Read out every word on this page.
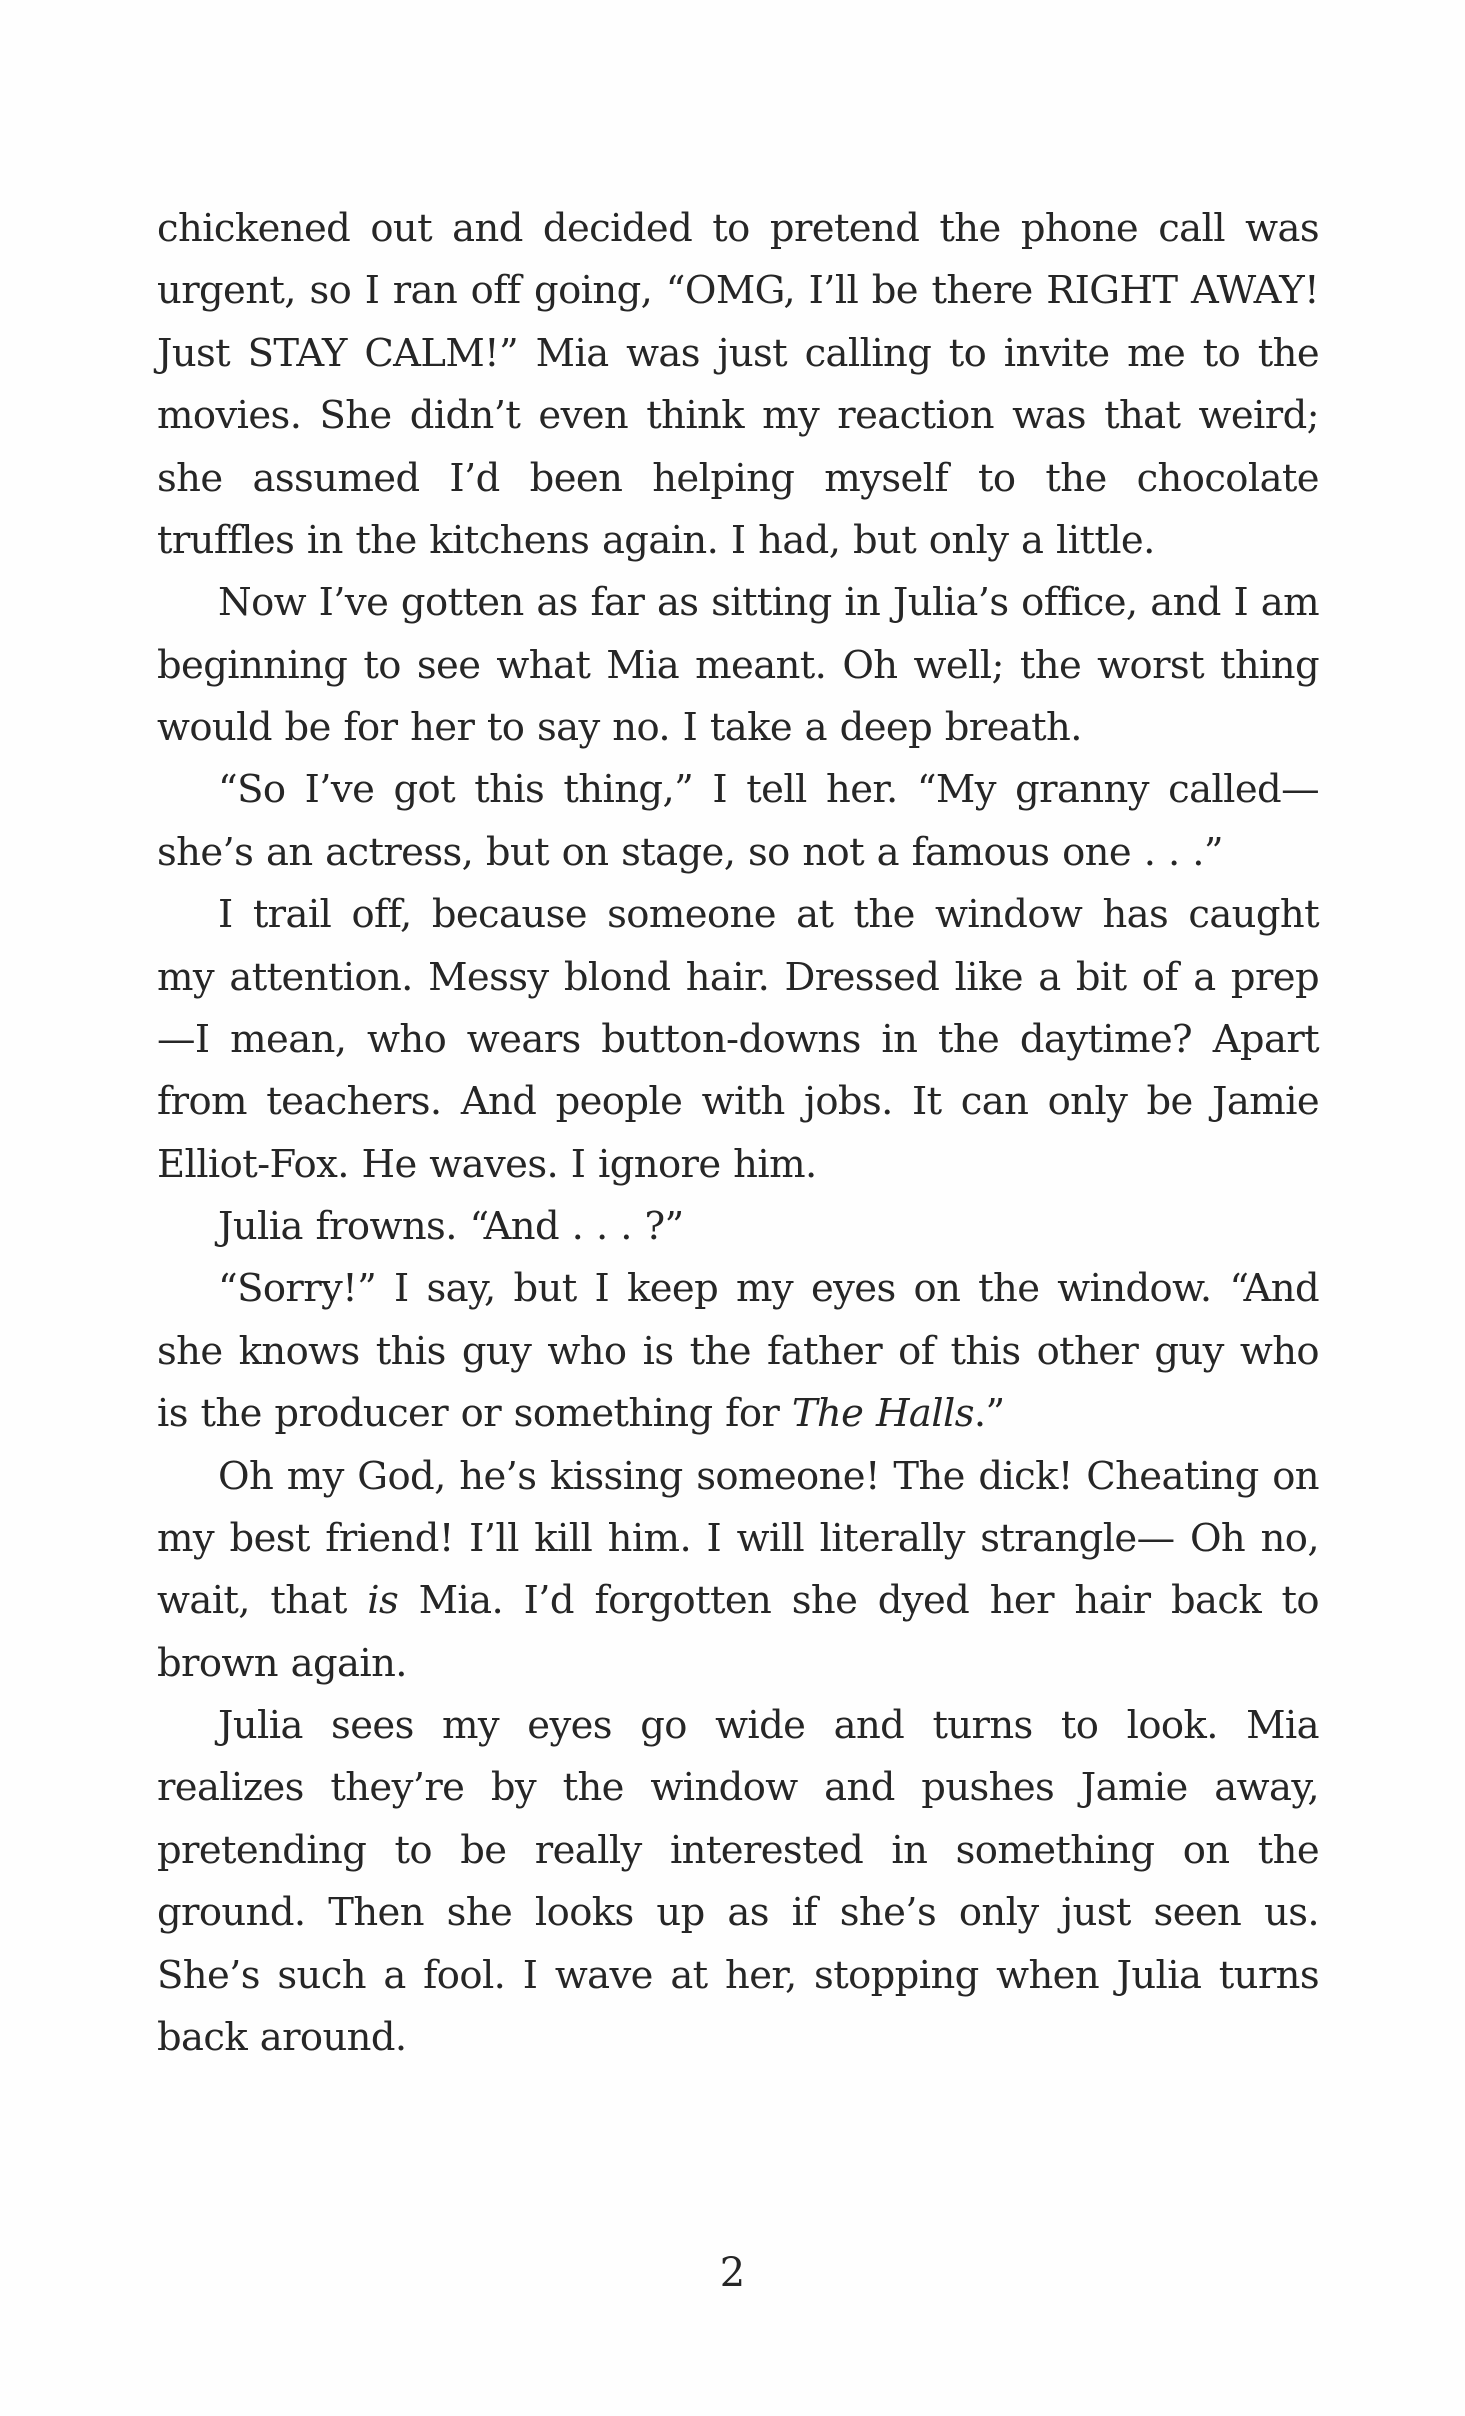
chickened out and decided to pretend the phone call was urgent, so I ran off going, “OMG, I’ll be there RIGHT AWAY! Just STAY CALM!” Mia was just calling to invite me to the movies. She didn’t even think my reaction was that weird; she assumed I’d been helping myself to the chocolate truffles in the kitchens again. I had, but only a little.

Now I’ve gotten as far as sitting in Julia’s office, and I am beginning to see what Mia meant. Oh well; the worst thing would be for her to say no. I take a deep breath.

“So I’ve got this thing,” I tell her. “My granny called—she’s an actress, but on stage, so not a famous one . . .”

I trail off, because someone at the window has caught my attention. Messy blond hair. Dressed like a bit of a prep—I mean, who wears button-downs in the daytime? Apart from teachers. And people with jobs. It can only be Jamie Elliot-Fox. He waves. I ignore him.

Julia frowns. “And . . . ?”

“Sorry!” I say, but I keep my eyes on the window. “And she knows this guy who is the father of this other guy who is the producer or something for The Halls.”

Oh my God, he’s kissing someone! The dick! Cheating on my best friend! I’ll kill him. I will literally strangle— Oh no, wait, that is Mia. I’d forgotten she dyed her hair back to brown again.

Julia sees my eyes go wide and turns to look. Mia realizes they’re by the window and pushes Jamie away, pretending to be really interested in something on the ground. Then she looks up as if she’s only just seen us. She’s such a fool. I wave at her, stopping when Julia turns back around.

2
